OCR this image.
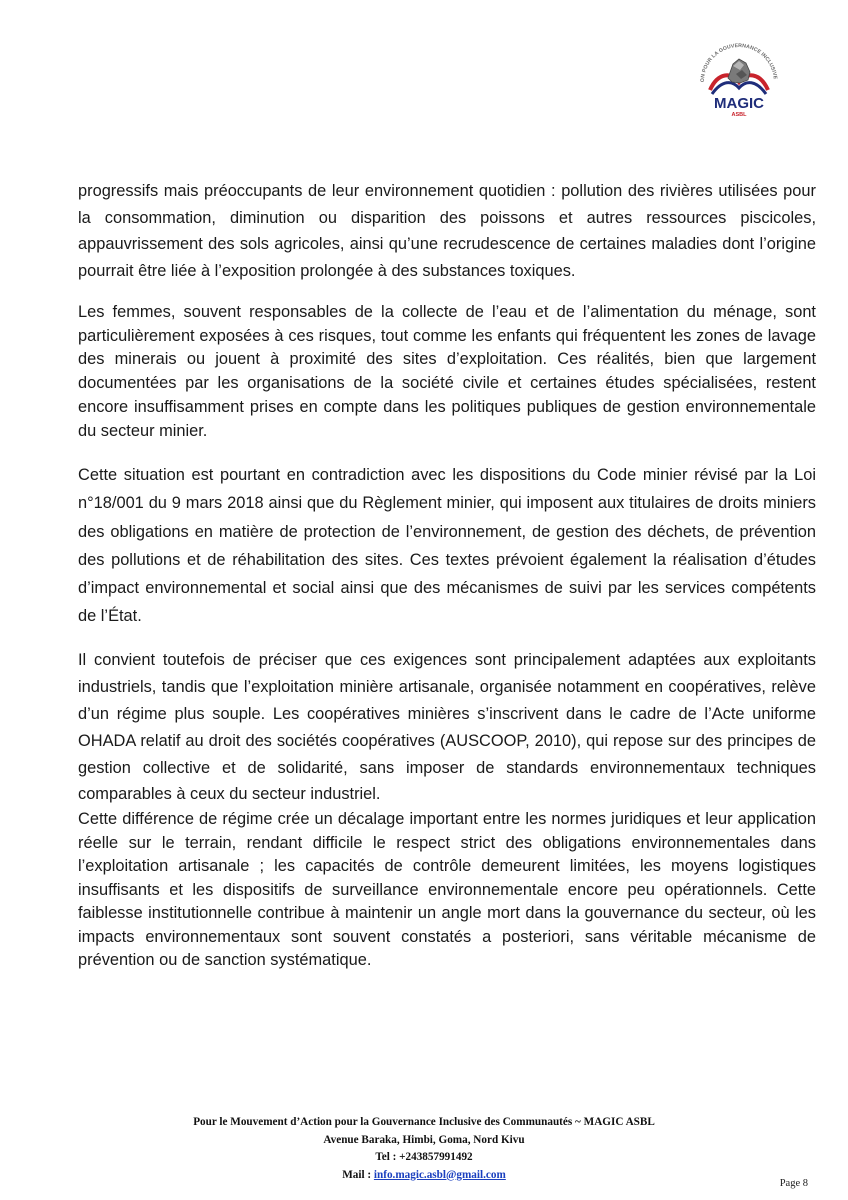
ON POUR LA GOUVERNANCE INCLUSIVE
MAGIC
ASBL

progressifs mais préoccupants de leur environnement quotidien : pollution des rivières utilisées pour la consommation, diminution ou disparition des poissons et autres ressources piscicoles, appauvrissement des sols agricoles, ainsi qu’une recrudescence de certaines maladies dont l’origine pourrait être liée à l’exposition prolongée à des substances toxiques.

Les femmes, souvent responsables de la collecte de l’eau et de l’alimentation du ménage, sont particulièrement exposées à ces risques, tout comme les enfants qui fréquentent les zones de lavage des minerais ou jouent à proximité des sites d’exploitation. Ces réalités, bien que largement documentées par les organisations de la société civile et certaines études spécialisées, restent encore insuffisamment prises en compte dans les politiques publiques de gestion environnementale du secteur minier.

Cette situation est pourtant en contradiction avec les dispositions du Code minier révisé par la Loi n°18/001 du 9 mars 2018 ainsi que du Règlement minier, qui imposent aux titulaires de droits miniers des obligations en matière de protection de l’environnement, de gestion des déchets, de prévention des pollutions et de réhabilitation des sites. Ces textes prévoient également la réalisation d’études d’impact environnemental et social ainsi que des mécanismes de suivi par les services compétents de l’État.

Il convient toutefois de préciser que ces exigences sont principalement adaptées aux exploitants industriels, tandis que l’exploitation minière artisanale, organisée notamment en coopératives, relève d’un régime plus souple. Les coopératives minières s’inscrivent dans le cadre de l’Acte uniforme OHADA relatif au droit des sociétés coopératives (AUSCOOP, 2010), qui repose sur des principes de gestion collective et de solidarité, sans imposer de standards environnementaux techniques comparables à ceux du secteur industriel.

Cette différence de régime crée un décalage important entre les normes juridiques et leur application réelle sur le terrain, rendant difficile le respect strict des obligations environnementales dans l’exploitation artisanale ; les capacités de contrôle demeurent limitées, les moyens logistiques insuffisants et les dispositifs de surveillance environnementale encore peu opérationnels. Cette faiblesse institutionnelle contribue à maintenir un angle mort dans la gouvernance du secteur, où les impacts environnementaux sont souvent constatés a posteriori, sans véritable mécanisme de prévention ou de sanction systématique.

Pour le Mouvement d’Action pour la Gouvernance Inclusive des Communautés ~ MAGIC ASBL
Avenue Baraka, Himbi, Goma, Nord Kivu
Tel : +243857991492
Mail : info.magic.asbl@gmail.com
Page 8
